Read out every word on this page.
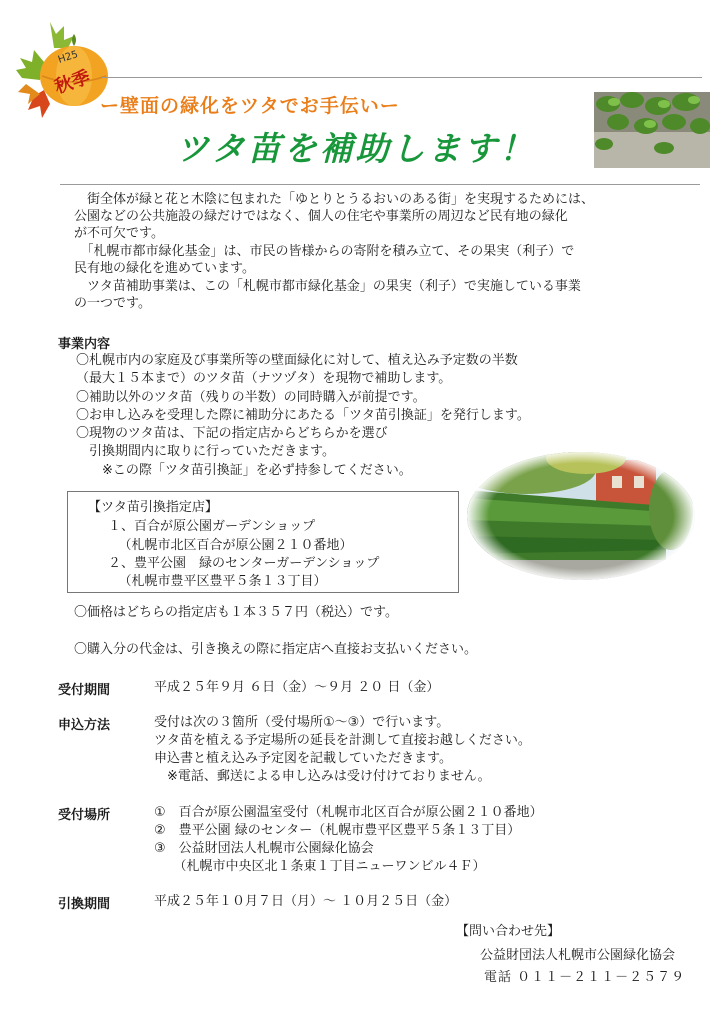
H25
秋季
ー壁面の緑化をツタでお手伝いー
ツタ苗を補助します！
　街全体が緑と花と木陰に包まれた「ゆとりとうるおいのある街」を実現するためには、
公園などの公共施設の緑だけではなく、個人の住宅や事業所の周辺など民有地の緑化
が不可欠です。
　「札幌市都市緑化基金」は、市民の皆様からの寄附を積み立て、その果実（利子）で
民有地の緑化を進めています。
　ツタ苗補助事業は、この「札幌市都市緑化基金」の果実（利子）で実施している事業
の一つです。
事業内容
〇札幌市内の家庭及び事業所等の壁面緑化に対して、植え込み予定数の半数
（最大１５本まで）のツタ苗（ナツヅタ）を現物で補助します。
〇補助以外のツタ苗（残りの半数）の同時購入が前提です。
〇お申し込みを受理した際に補助分にあたる「ツタ苗引換証」を発行します。
〇現物のツタ苗は、下記の指定店からどちらかを選び
　引換期間内に取りに行っていただきます。
　　※この際「ツタ苗引換証」を必ず持参してください。
【ツタ苗引換指定店】
１、百合が原公園ガーデンショップ
　（札幌市北区百合が原公園２１０番地）
２、豊平公園　緑のセンターガーデンショップ
　（札幌市豊平区豊平５条１３丁目）
〇価格はどちらの指定店も１本３５７円（税込）です。
〇購入分の代金は、引き換えの際に指定店へ直接お支払いください。
受付期間	平成２５年９月 ６日（金）～９月 ２０ 日（金）
申込方法	受付は次の３箇所（受付場所①～③）で行います。
ツタ苗を植える予定場所の延長を計測して直接お越しください。
申込書と植え込み予定図を記載していただきます。
　※電話、郵送による申し込みは受け付けておりません。
受付場所	①　百合が原公園温室受付（札幌市北区百合が原公園２１０番地）
②　豊平公園 緑のセンター（札幌市豊平区豊平５条１３丁目）
③　公益財団法人札幌市公園緑化協会
　　（札幌市中央区北１条東１丁目ニューワンビル４Ｆ）
引換期間	平成２５年１０月７日（月）～ １０月２５日（金）
【問い合わせ先】
公益財団法人札幌市公園緑化協会
電話 ０１１－２１１－２５７９
